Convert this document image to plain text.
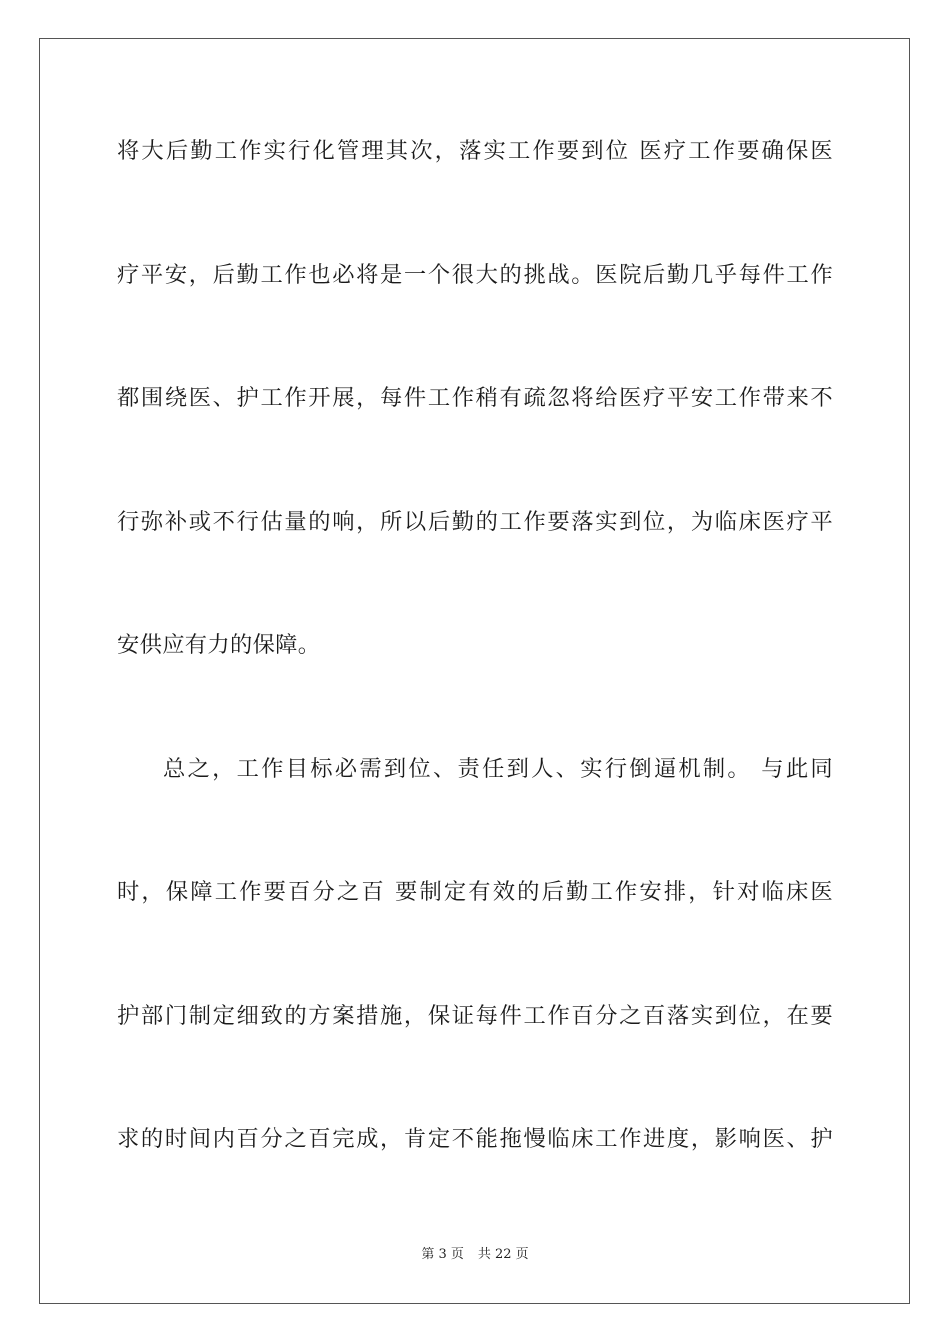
将大后勤工作实行化管理其次，落实工作要到位 医疗工作要确保医
疗平安，后勤工作也必将是一个很大的挑战。医院后勤几乎每件工作
都围绕医、护工作开展，每件工作稍有疏忽将给医疗平安工作带来不
行弥补或不行估量的响，所以后勤的工作要落实到位，为临床医疗平
安供应有力的保障。
总之，工作目标必需到位、责任到人、实行倒逼机制。 与此同
时，保障工作要百分之百 要制定有效的后勤工作安排，针对临床医
护部门制定细致的方案措施，保证每件工作百分之百落实到位，在要
求的时间内百分之百完成，肯定不能拖慢临床工作进度，影响医、护
第 3 页 共 22 页
